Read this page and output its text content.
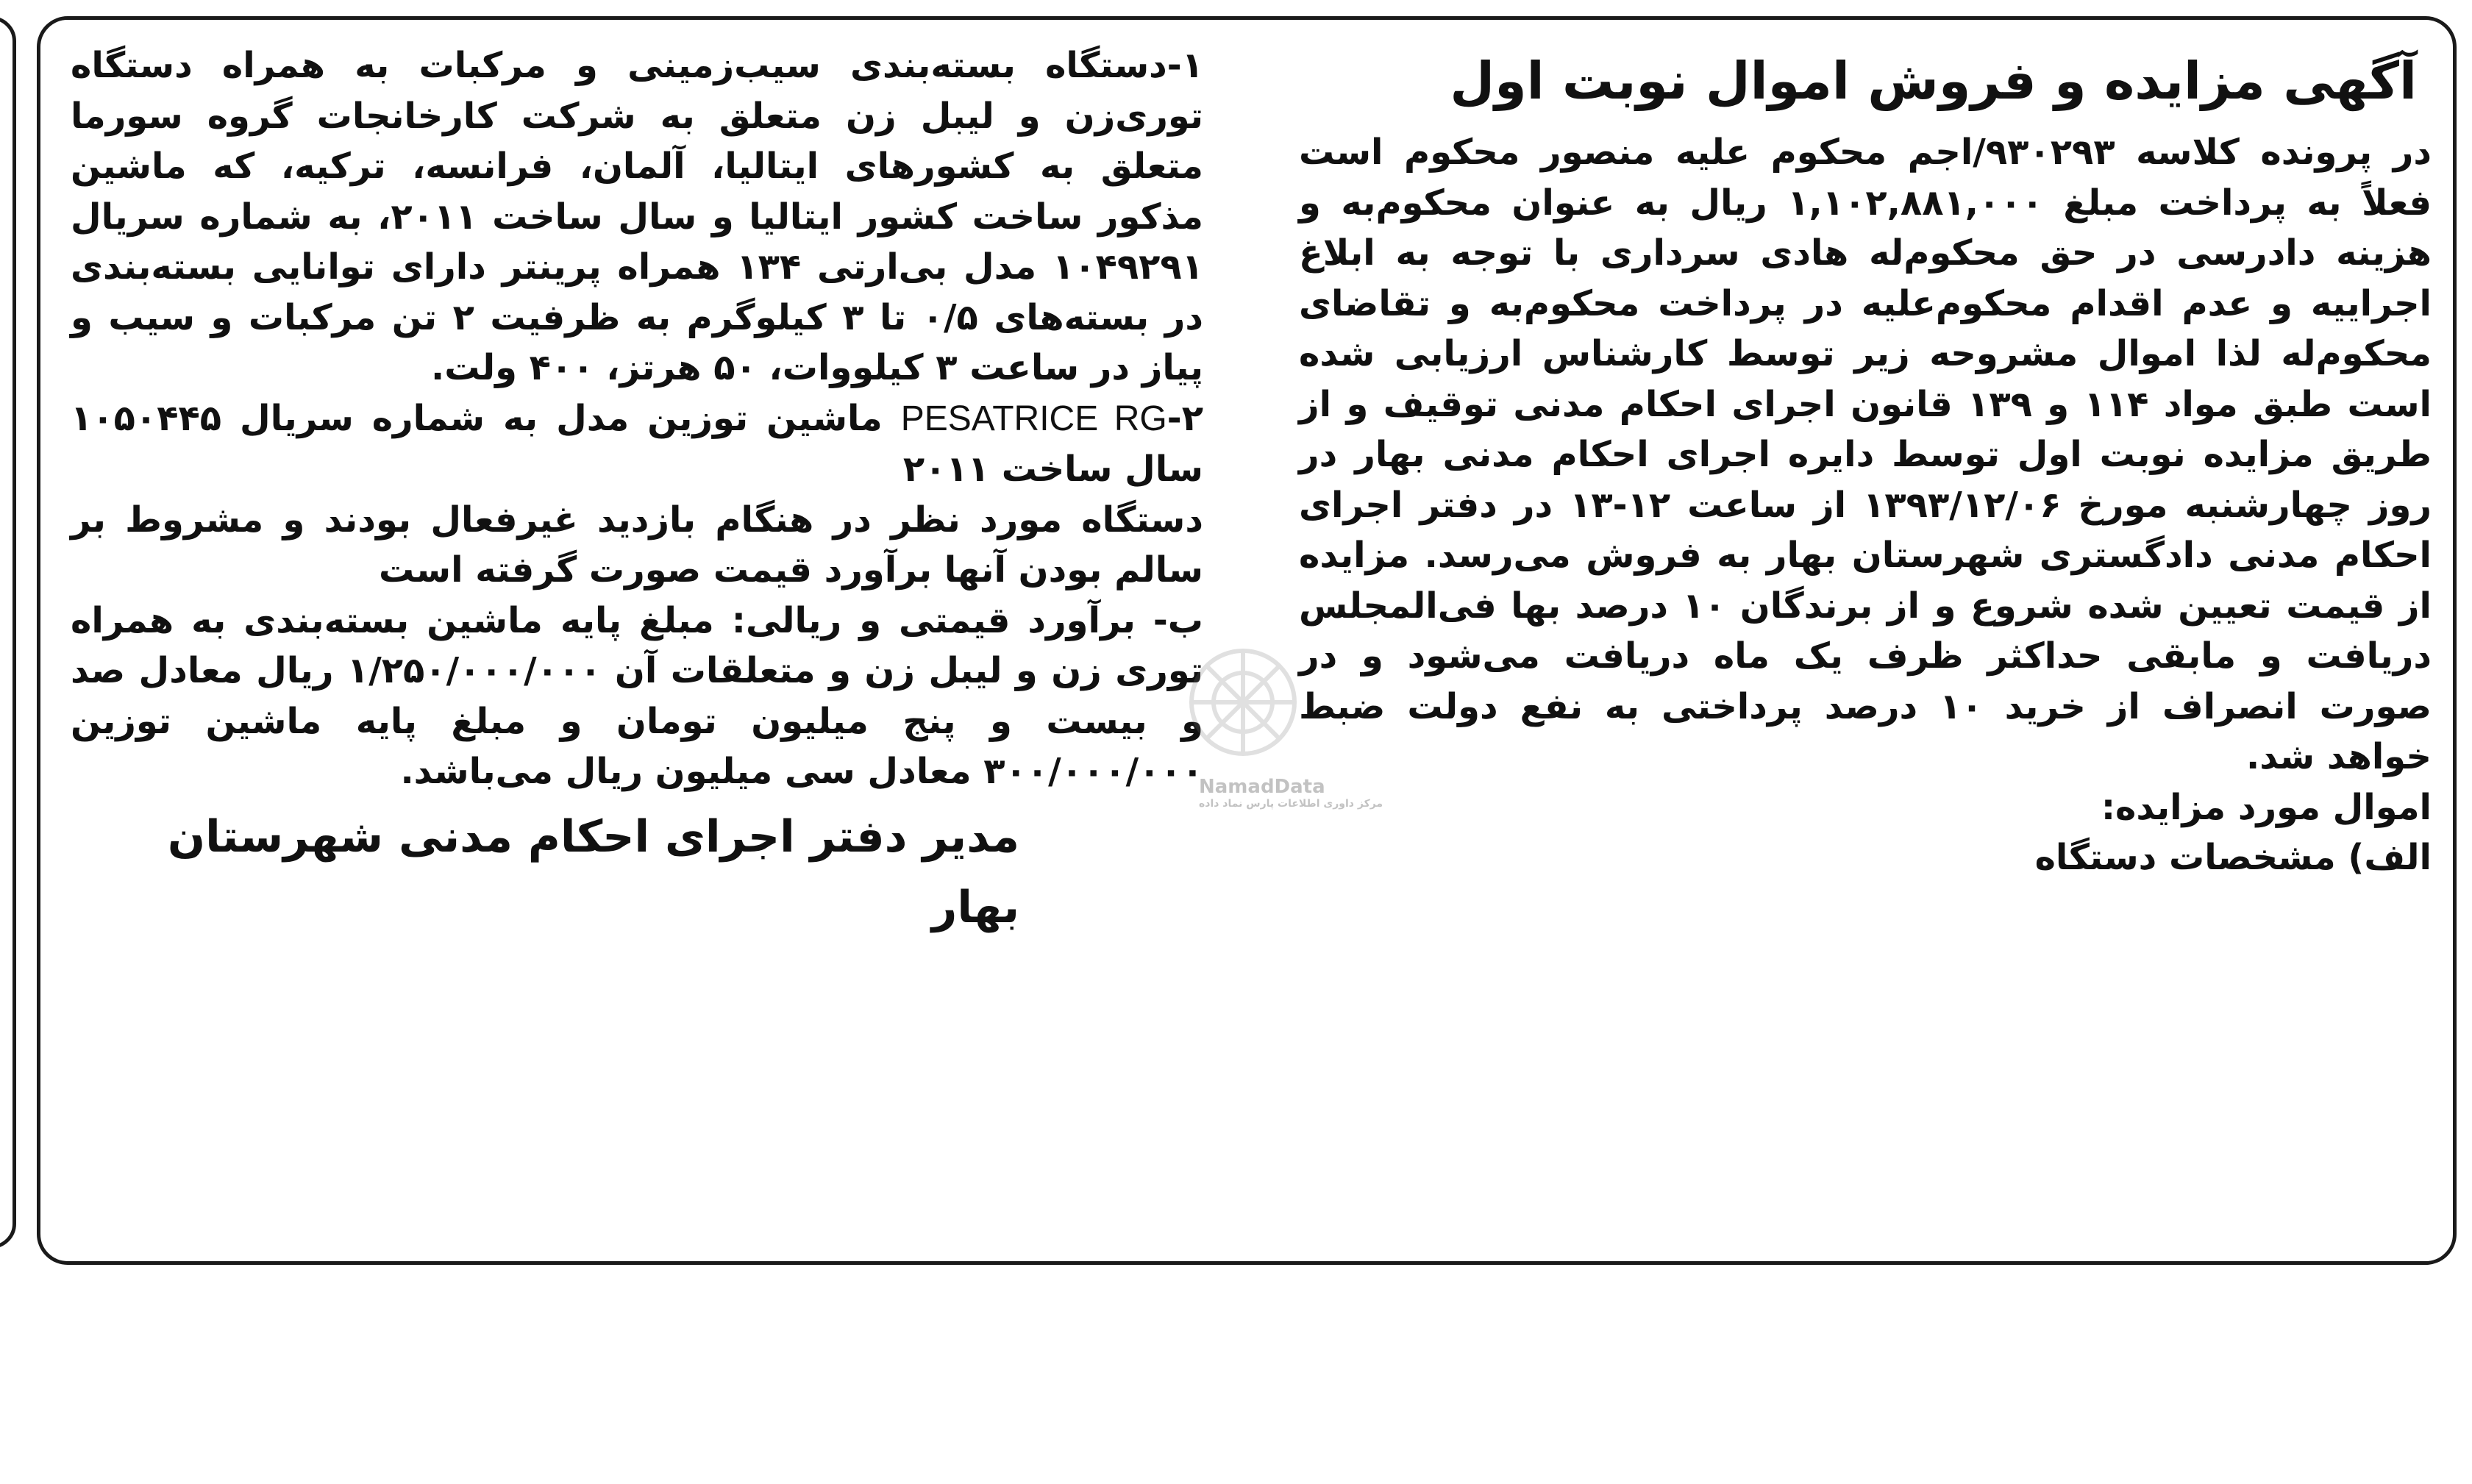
آگهی مزایده و فروش اموال نوبت اول

در پرونده کلاسه ۹۳۰۲۹۳/اجم محکوم علیه منصور محکوم است فعلاً به پرداخت مبلغ ۱,۱۰۲,۸۸۱,۰۰۰ ریال به عنوان محکوم‌به و هزینه دادرسی در حق محکوم‌له هادی سرداری با توجه به ابلاغ اجراییه و عدم اقدام محکوم‌علیه در پرداخت محکوم‌به و تقاضای محکوم‌له لذا اموال مشروحه زیر توسط کارشناس ارزیابی شده است طبق مواد ۱۱۴ و ۱۳۹ قانون اجرای احکام مدنی توقیف و از طریق مزایده نوبت اول توسط دایره اجرای احکام مدنی بهار در روز چهارشنبه مورخ ۱۳۹۳/۱۲/۰۶ از ساعت ۱۲-۱۳ در دفتر اجرای احکام مدنی دادگستری شهرستان بهار به فروش می‌رسد. مزایده از قیمت تعیین شده شروع و از برندگان ۱۰ درصد بها فی‌المجلس دریافت و مابقی حداکثر ظرف یک ماه دریافت می‌شود و در صورت انصراف از خرید ۱۰ درصد پرداختی به نفع دولت ضبط خواهد شد.

اموال مورد مزایده:

الف) مشخصات دستگاه

۱-دستگاه بسته‌بندی سیب‌زمینی و مرکبات به همراه دستگاه توری‌زن و لیبل زن متعلق به شرکت کارخانجات گروه سورما متعلق به کشورهای ایتالیا، آلمان، فرانسه، ترکیه، که ماشین مذکور ساخت کشور ایتالیا و سال ساخت ۲۰۱۱، به شماره سریال ۱۰۴۹۲۹۱ مدل بی‌ارتی ۱۳۴ همراه پرینتر دارای توانایی بسته‌بندی در بسته‌های ۰/۵ تا ۳ کیلوگرم به ظرفیت ۲ تن مرکبات و سیب و پیاز در ساعت ۳ کیلووات، ۵۰ هرتز، ۴۰۰ ولت.

۲-PESATRICE RG ماشین توزین مدل به شماره سریال ۱۰۵۰۴۴۵ سال ساخت ۲۰۱۱

دستگاه مورد نظر در هنگام بازدید غیرفعال بودند و مشروط بر سالم بودن آنها برآورد قیمت صورت گرفته است

ب- برآورد قیمتی و ریالی: مبلغ پایه ماشین بسته‌بندی به همراه توری زن و لیبل زن و متعلقات آن ۱/۲۵۰/۰۰۰/۰۰۰ ریال معادل صد و بیست و پنج میلیون تومان و مبلغ پایه ماشین توزین ۳۰۰/۰۰۰/۰۰۰ معادل سی میلیون ریال می‌باشد.

مدیر دفتر اجرای احکام مدنی شهرستان بهار
NamadData
مرکز داوری اطلاعات پارس نماد داده
